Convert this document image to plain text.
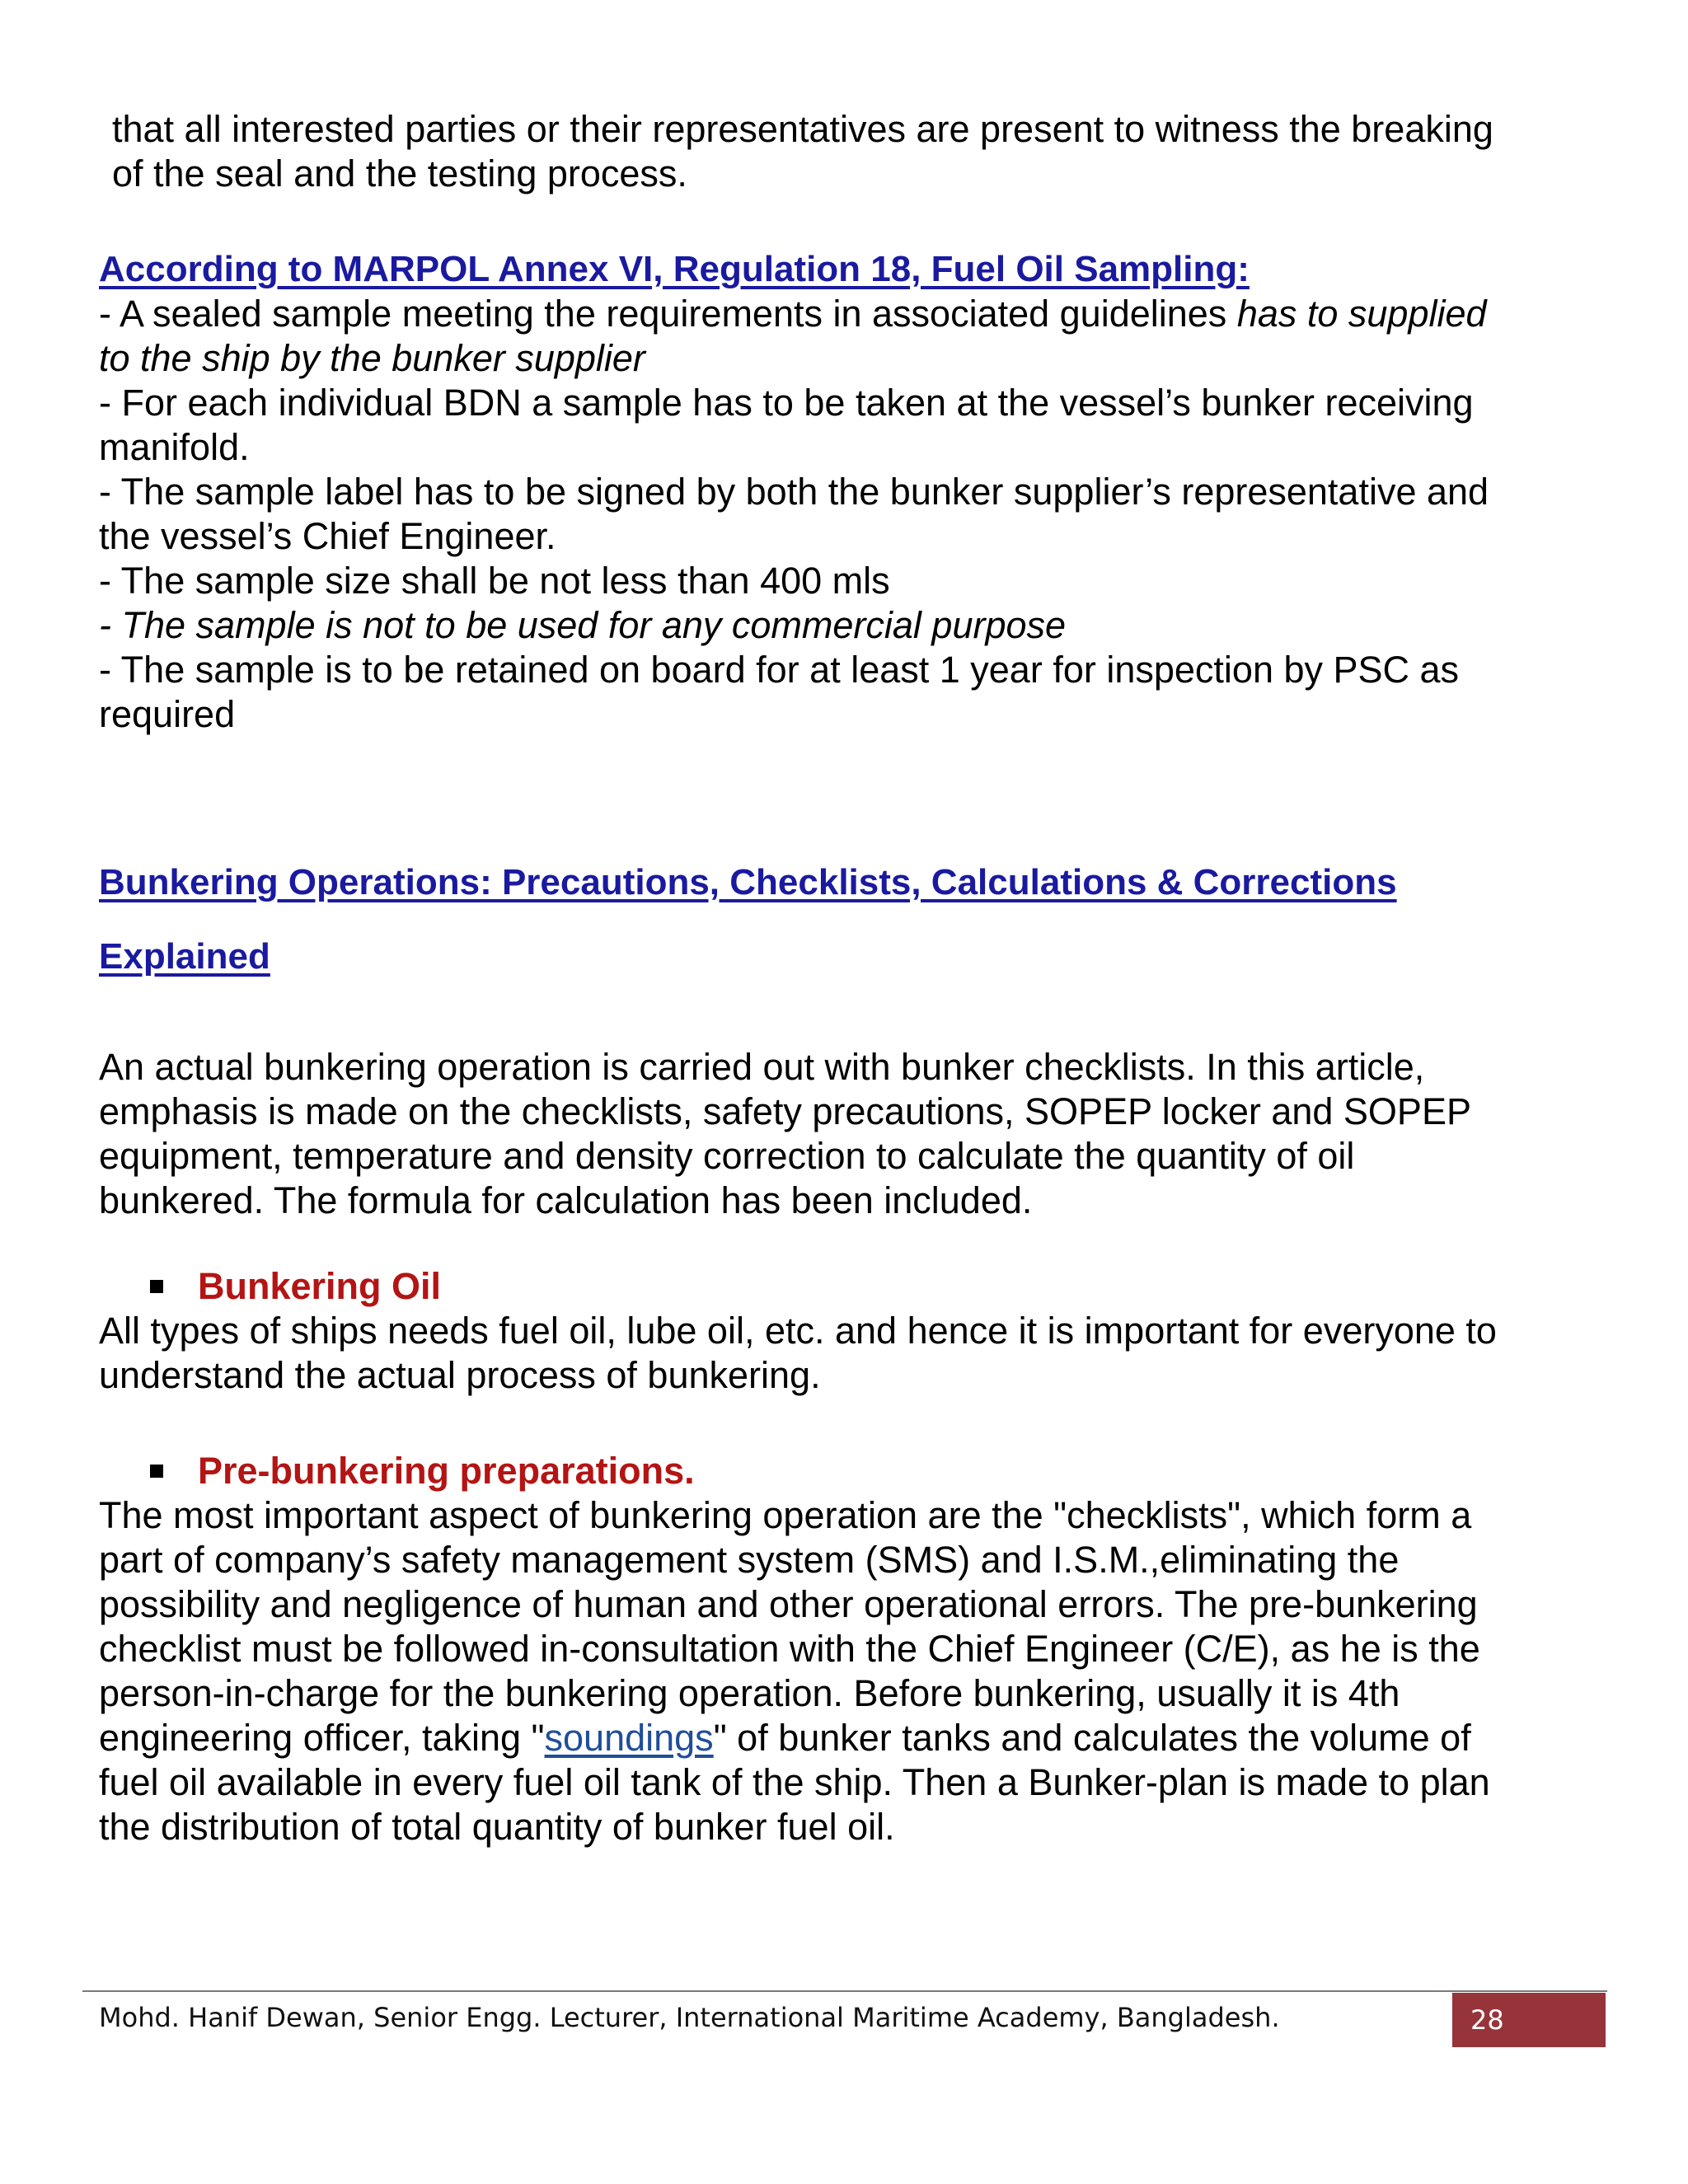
that all interested parties or their representatives are present to witness the breaking

of the seal and the testing process.

According to MARPOL Annex VI, Regulation 18, Fuel Oil Sampling:

- A sealed sample meeting the requirements in associated guidelines has to supplied

to the ship by the bunker supplier

- For each individual BDN a sample has to be taken at the vessel’s bunker receiving

manifold.

- The sample label has to be signed by both the bunker supplier’s representative and

the vessel’s Chief Engineer.

- The sample size shall be not less than 400 mls

- The sample is not to be used for any commercial purpose

- The sample is to be retained on board for at least 1 year for inspection by PSC as

required

Bunkering Operations: Precautions, Checklists, Calculations & Corrections
Explained

An actual bunkering operation is carried out with bunker checklists. In this article,

emphasis is made on the checklists, safety precautions, SOPEP locker and SOPEP

equipment, temperature and density correction to calculate the quantity of oil

bunkered. The formula for calculation has been included.

Bunkering Oil

All types of ships needs fuel oil, lube oil, etc. and hence it is important for everyone to

understand the actual process of bunkering.

Pre-bunkering preparations.

The most important aspect of bunkering operation are the "checklists", which form a

part of company’s safety management system (SMS) and I.S.M.,eliminating the

possibility and negligence of human and other operational errors. The pre-bunkering

checklist must be followed in-consultation with the Chief Engineer (C/E), as he is the

person-in-charge for the bunkering operation. Before bunkering, usually it is 4th

engineering officer, taking "soundings" of bunker tanks and calculates the volume of

fuel oil available in every fuel oil tank of the ship. Then a Bunker-plan is made to plan

the distribution of total quantity of bunker fuel oil.

Mohd. Hanif Dewan, Senior Engg. Lecturer, International Maritime Academy, Bangladesh.	28
